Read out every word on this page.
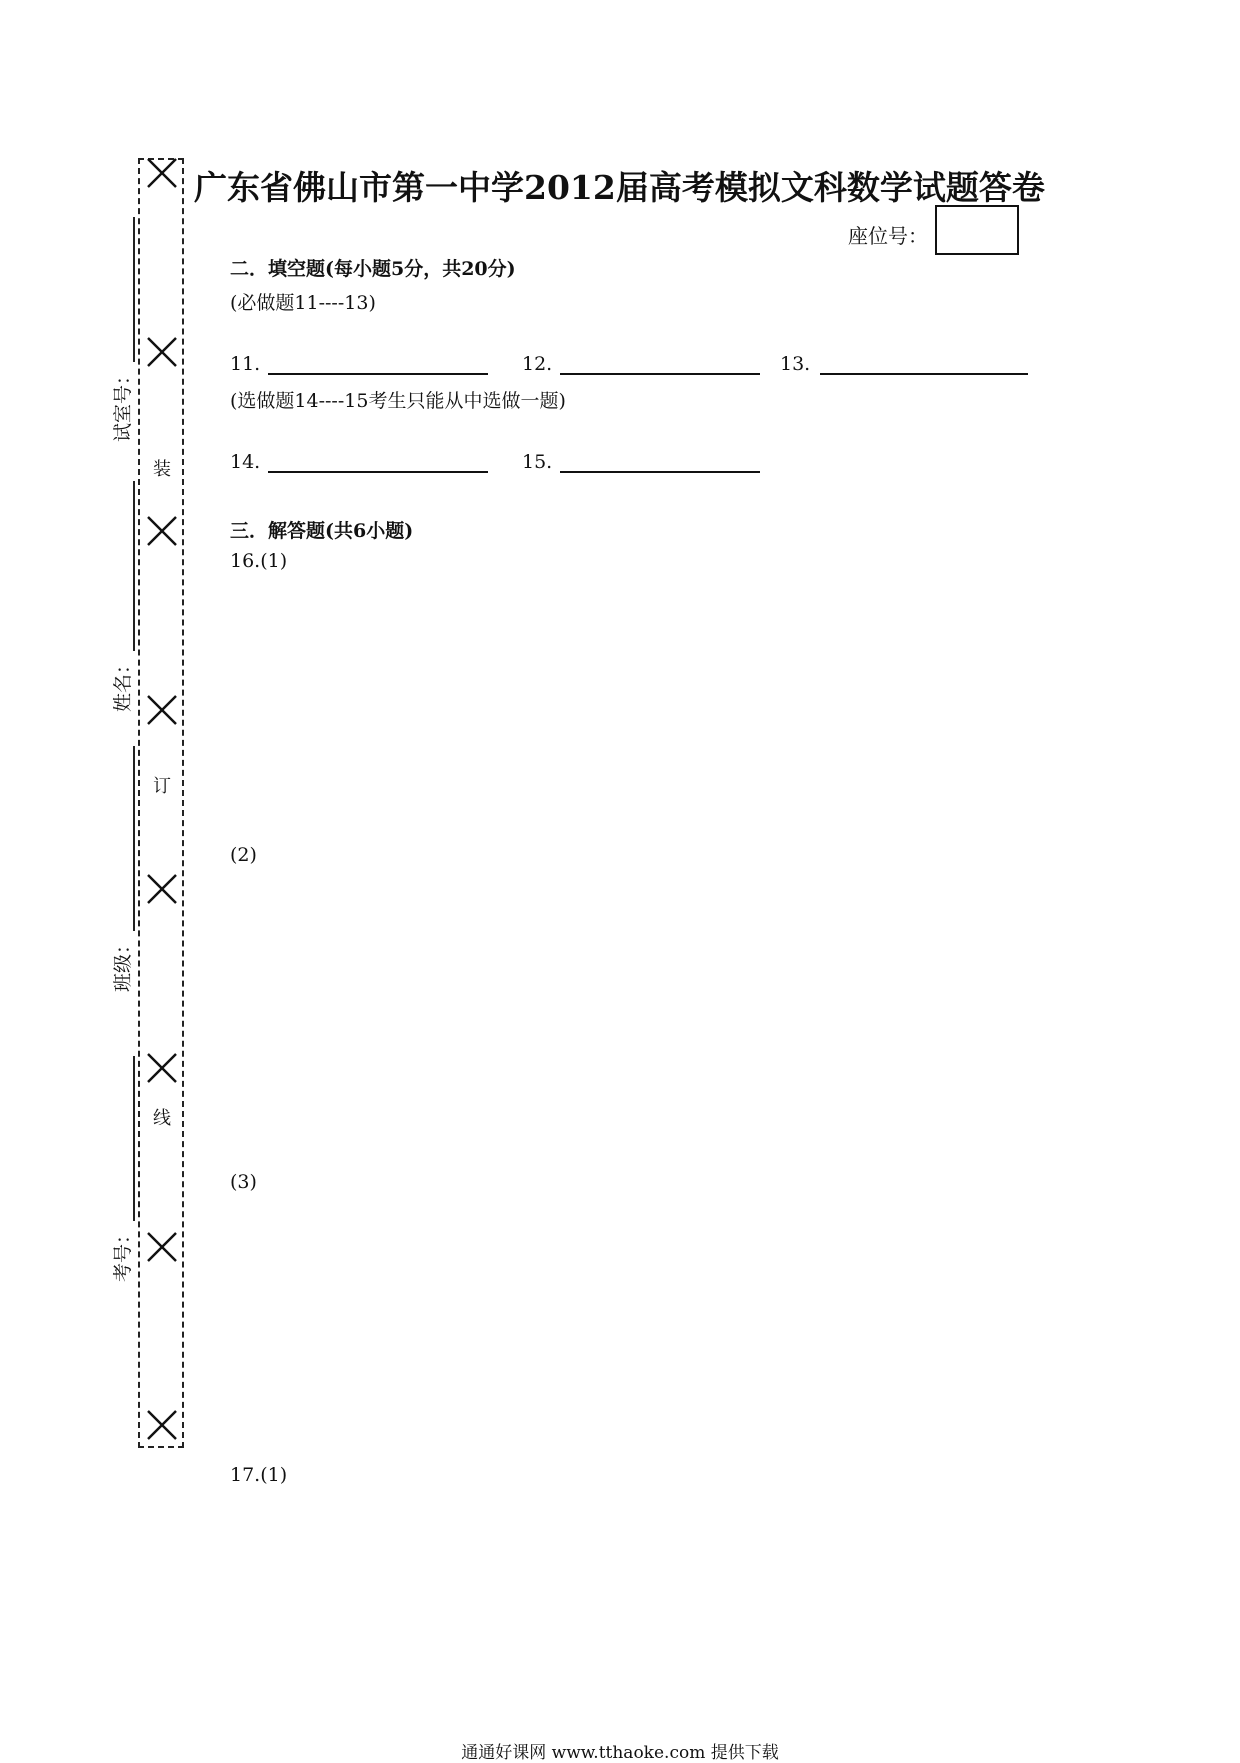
装
订
线
试室号：
姓名：
班级：
考号：
广东省佛山市第一中学2012届高考模拟文科数学试题答卷
座位号：
二．填空题(每小题5分，共20分)
(必做题11----13)
11.	12.	13.
(选做题14----15考生只能从中选做一题)
14.	15.
三．解答题(共6小题)
16.(1)
(2)
(3)
17.(1)
通通好课网 www.tthaoke.com 提供下载
